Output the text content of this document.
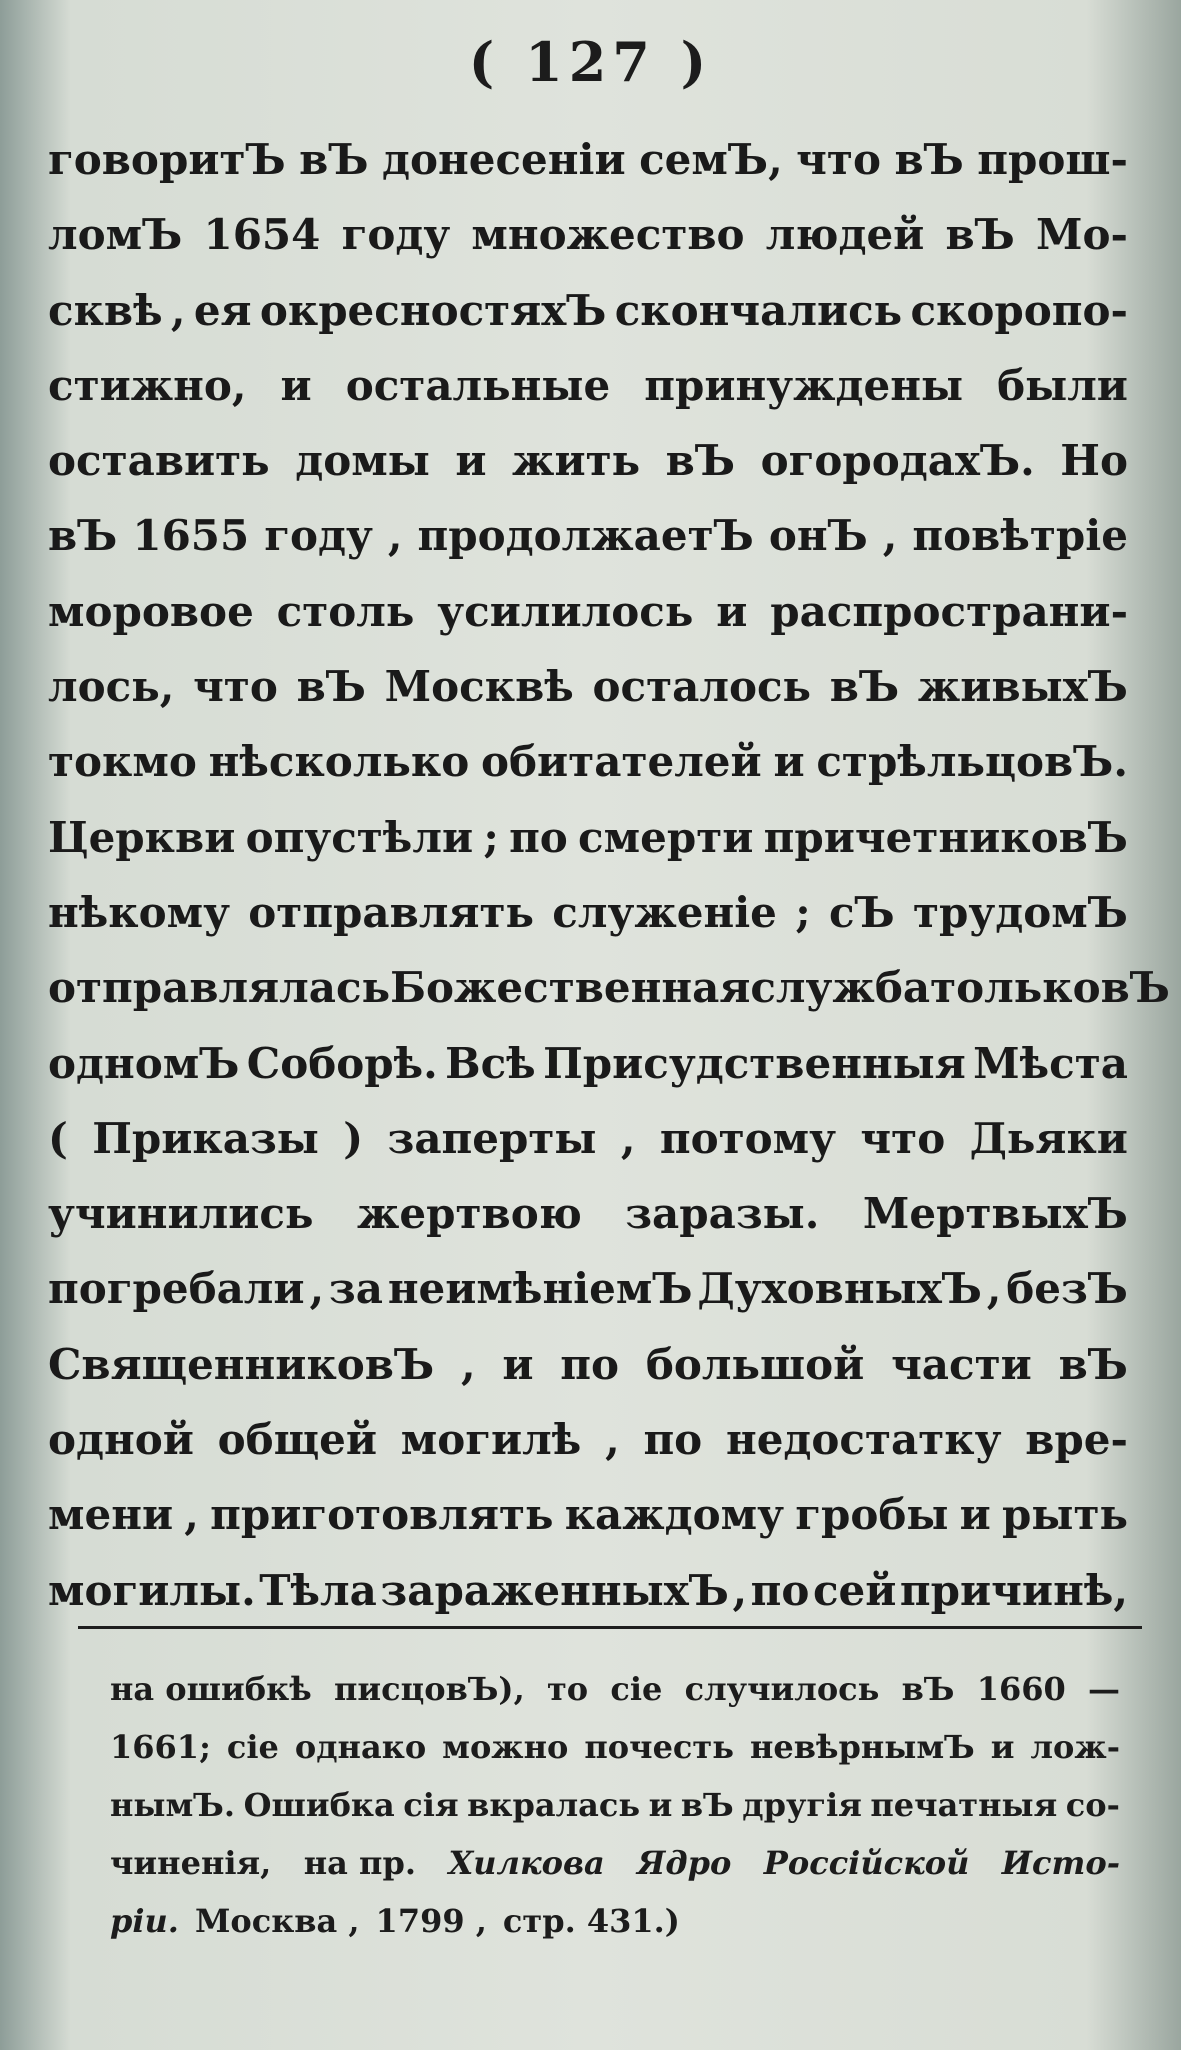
( 127 )
говоритЪ вЪ донесеніи семЪ, что вЪ прош-
ломЪ 1654 году множество людей вЪ Мо-
сквѣ , ея окресностяхЪ скончались скоропо-
стижно, и остальные принуждены были
оставить домы и жить вЪ огородахЪ. Но
вЪ 1655 году , продолжаетЪ онЪ , повѣтріе
моровое столь усилилось и распространи-
лось, что вЪ Москвѣ осталось вЪ живыхЪ
токмо нѣсколько обитателей и стрѣльцовЪ.
Церкви опустѣли ; по смерти причетниковЪ
нѣкому отправлять служеніе ; сЪ трудомЪ
отправлялась Божественная служба только вЪ
одномЪ Соборѣ. Всѣ Присудственныя Мѣста
( Приказы ) заперты , потому что Дьяки
учинились жертвою заразы. МертвыхЪ
погребали , за неимѣніемЪ ДуховныхЪ , безЪ
СвященниковЪ , и по большой части вЪ
одной общей могилѣ , по недостатку вре-
мени , приготовлять каждому гробы и рыть
могилы. Тѣла зараженныхЪ , по сей причинѣ,
на ошибкѣ писцовЪ), то сіе случилось вЪ 1660 —
1661; сіе однако можно почесть невѣрнымЪ и лож-
нымЪ. Ошибка сія вкралась и вЪ другія печатныя со-
чиненія, на пр. Хилкова Ядро Россійской Исто-
ріи. Москва , 1799 , стр. 431.)
